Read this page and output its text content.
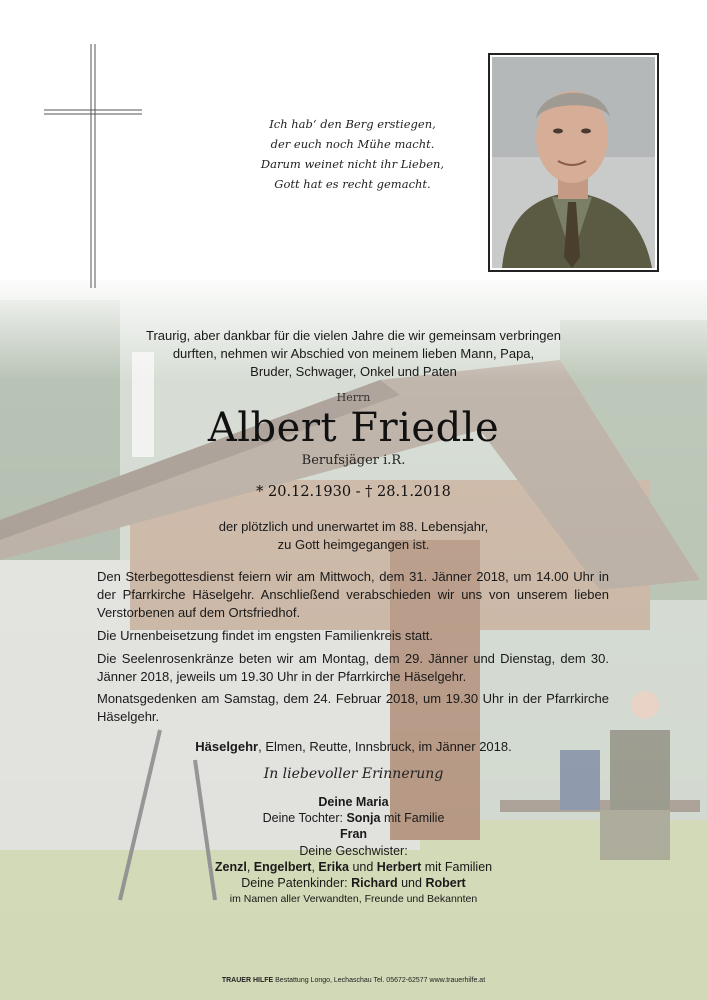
Ich hab‘ den Berg erstiegen,
der euch noch Mühe macht.
Darum weinet nicht ihr Lieben,
Gott hat es recht gemacht.
Traurig, aber dankbar für die vielen Jahre die wir gemeinsam verbringen
durften, nehmen wir Abschied von meinem lieben Mann, Papa,
Bruder, Schwager, Onkel und Paten
Herrn
Albert Friedle
Berufsjäger i.R.
* 20.12.1930 - † 28.1.2018
der plötzlich und unerwartet im 88. Lebensjahr,
zu Gott heimgegangen ist.

Den Sterbegottesdienst feiern wir am Mittwoch, dem 31. Jänner 2018, um 14.00 Uhr in der Pfarrkirche Häselgehr. Anschließend verabschieden wir uns von unserem lieben Verstorbenen auf dem Ortsfriedhof.

Die Urnenbeisetzung findet im engsten Familienkreis statt.

Die Seelenrosenkränze beten wir am Montag, dem 29. Jänner und Dienstag, dem 30. Jänner 2018, jeweils um 19.30 Uhr in der Pfarrkirche Häselgehr.

Monatsgedenken am Samstag, dem 24. Februar 2018, um 19.30 Uhr in der Pfarrkirche Häselgehr.

Häselgehr, Elmen, Reutte, Innsbruck, im Jänner 2018.
In liebevoller Erinnerung
Deine Maria
Deine Tochter: Sonja mit Familie
Fran
Deine Geschwister:
Zenzl, Engelbert, Erika und Herbert mit Familien
Deine Patenkinder: Richard und Robert
im Namen aller Verwandten, Freunde und Bekannten
TRAUER HILFE Bestattung Longo, Lechaschau Tel. 05672-62577 www.trauerhilfe.at
